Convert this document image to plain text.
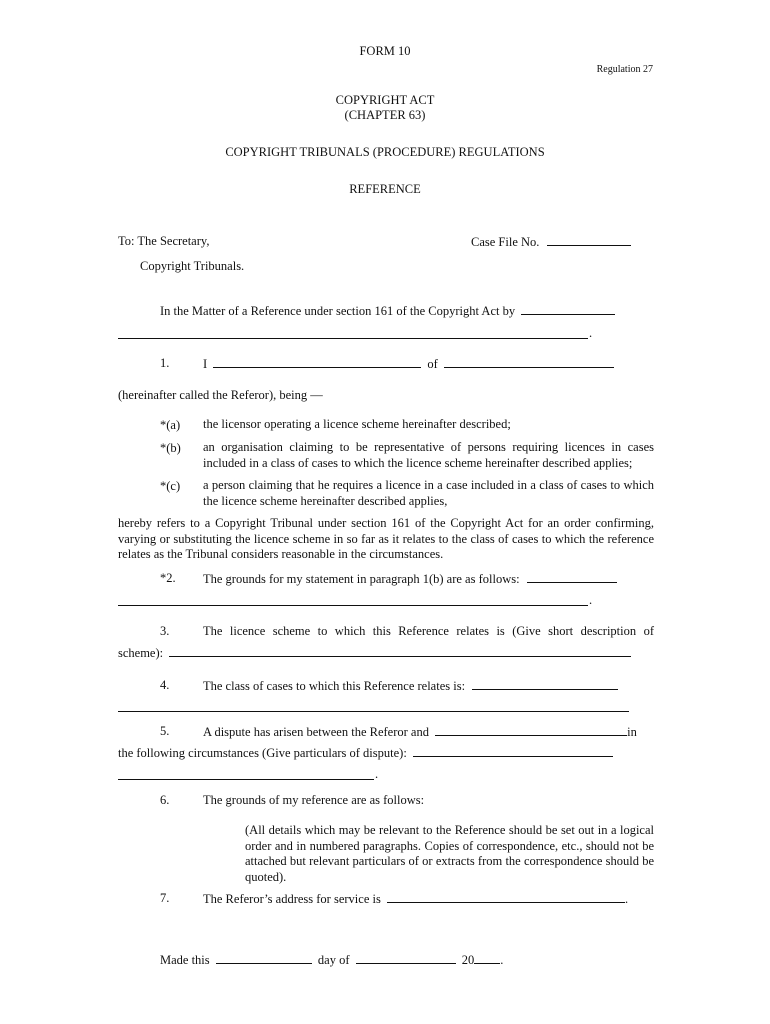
FORM 10
Regulation 27
COPYRIGHT ACT
(CHAPTER 63)
COPYRIGHT TRIBUNALS (PROCEDURE) REGULATIONS
REFERENCE
To: The Secretary,	Case File No.
Copyright Tribunals.
In the Matter of a Reference under section 161 of the Copyright Act by
.
1.	I	of
(hereinafter called the Referor), being —
*(a) the licensor operating a licence scheme hereinafter described;
*(b) an organisation claiming to be representative of persons requiring licences in cases included in a class of cases to which the licence scheme hereinafter described applies;
*(c) a person claiming that he requires a licence in a case included in a class of cases to which the licence scheme hereinafter described applies,
hereby refers to a Copyright Tribunal under section 161 of the Copyright Act for an order confirming, varying or substituting the licence scheme in so far as it relates to the class of cases to which the reference relates as the Tribunal considers reasonable in the circumstances.
*2. The grounds for my statement in paragraph 1(b) are as follows:
.
3.	The licence scheme to which this Reference relates is (Give short description of
scheme):
4.	The class of cases to which this Reference relates is:
5.	A dispute has arisen between the Referor and	in
the following circumstances (Give particulars of dispute):
.
6.	The grounds of my reference are as follows:
(All details which may be relevant to the Reference should be set out in a logical order and in numbered paragraphs. Copies of correspondence, etc., should not be attached but relevant particulars of or extracts from the correspondence should be quoted).
7.	The Referor’s address for service is	.
Made this	day of	20 .
